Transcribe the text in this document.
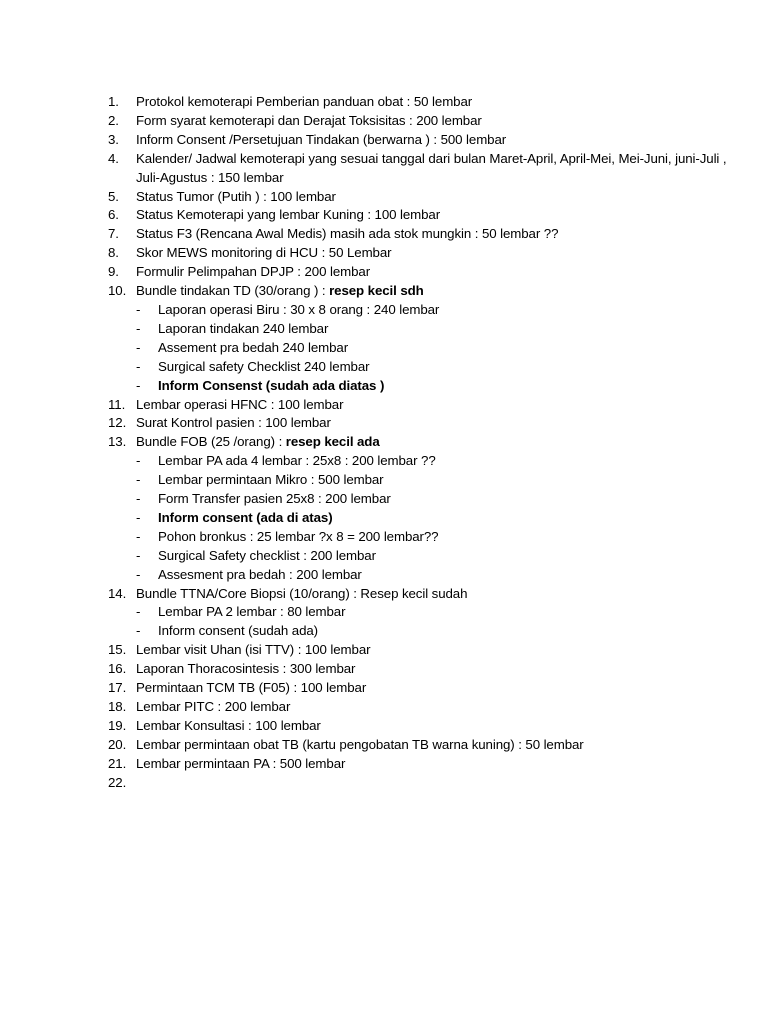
1.	Protokol kemoterapi Pemberian panduan obat : 50 lembar
2.	Form syarat kemoterapi dan Derajat Toksisitas : 200 lembar
3.	Inform Consent /Persetujuan Tindakan (berwarna ) : 500 lembar
4.	Kalender/ Jadwal kemoterapi yang sesuai tanggal dari bulan Maret-April, April-Mei, Mei-Juni, juni-Juli , Juli-Agustus : 150 lembar
5.	Status Tumor (Putih ) : 100 lembar
6.	Status Kemoterapi yang lembar Kuning : 100 lembar
7.	Status F3 (Rencana Awal Medis) masih ada stok mungkin : 50 lembar ??
8.	Skor MEWS monitoring di HCU : 50 Lembar
9.	Formulir Pelimpahan DPJP : 200 lembar
10. Bundle tindakan TD (30/orang ) : resep kecil sdh
-	Laporan operasi Biru : 30 x 8 orang : 240 lembar
-	Laporan tindakan 240 lembar
-	Assement pra bedah 240 lembar
-	Surgical safety Checklist 240 lembar
-	Inform Consenst (sudah ada diatas )
11. Lembar operasi HFNC : 100 lembar
12. Surat Kontrol pasien : 100 lembar
13. Bundle FOB (25 /orang) : resep kecil ada
-	Lembar PA ada 4 lembar : 25x8 : 200 lembar ??
-	Lembar permintaan Mikro : 500 lembar
-	Form Transfer pasien 25x8 : 200 lembar
-	Inform consent (ada di atas)
-	Pohon bronkus : 25 lembar ?x 8 = 200 lembar??
-	Surgical Safety checklist : 200 lembar
-	Assesment pra bedah : 200 lembar
14. Bundle TTNA/Core Biopsi (10/orang) : Resep kecil sudah
-	Lembar PA 2 lembar : 80 lembar
-	Inform consent (sudah ada)
15. Lembar visit Uhan (isi TTV) : 100 lembar
16. Laporan Thoracosintesis : 300 lembar
17. Permintaan TCM TB (F05) : 100 lembar
18. Lembar PITC : 200 lembar
19. Lembar Konsultasi : 100 lembar
20. Lembar permintaan obat TB (kartu pengobatan TB warna kuning) : 50 lembar
21. Lembar permintaan PA : 500 lembar
22.
